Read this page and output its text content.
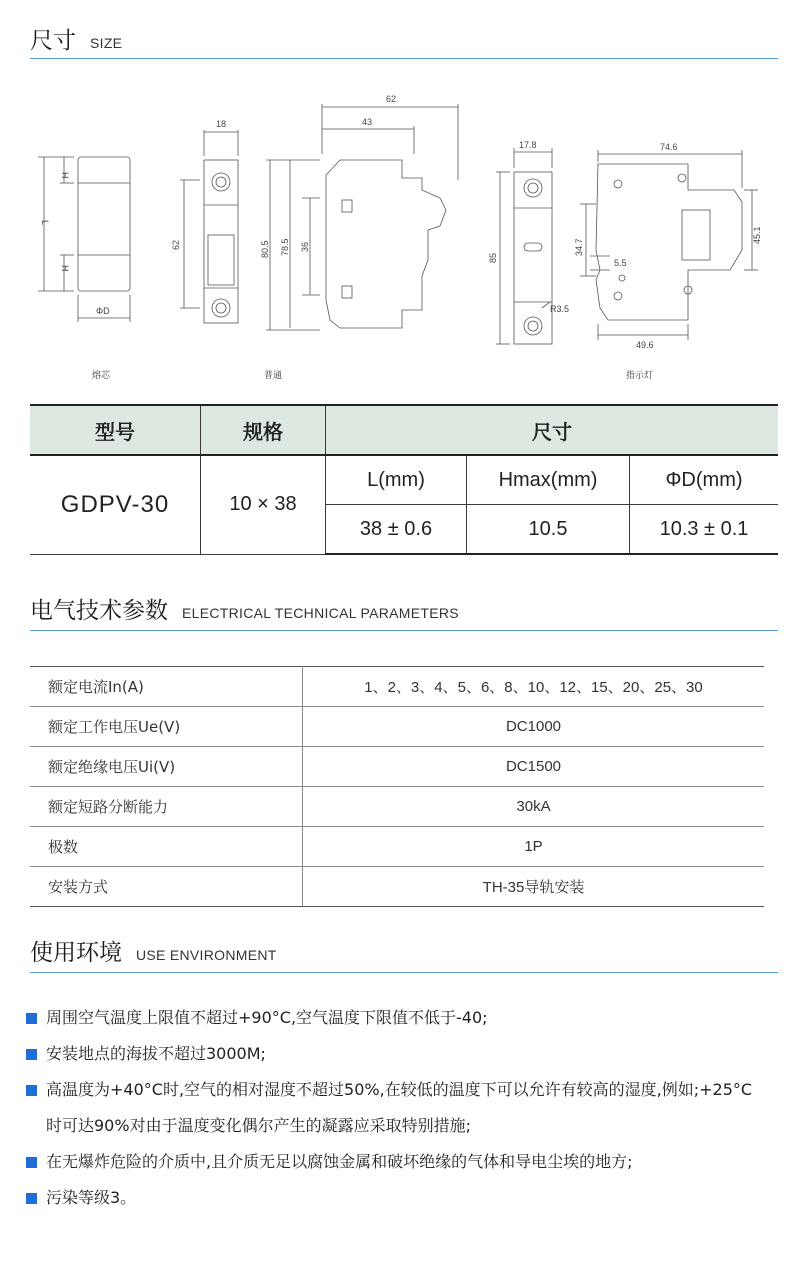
尺寸 SIZE
H
H
L
ΦD
18
62
62
43
80.5 78.5 36
17.8
85
R3.5
74.6
34.7
5.5
45.1
49.6
熔芯	普通	指示灯
型号	规格	尺寸		
GDPV-30	10 × 38	L(mm)	Hmax(mm)	ΦD(mm)
		38 ± 0.6	10.5	10.3 ± 0.1
电气技术参数 ELECTRICAL TECHNICAL PARAMETERS
额定电流In(A)	1、2、3、4、5、6、8、10、12、15、20、25、30
额定工作电压Ue(V)	DC1000
额定绝缘电压Ui(V)	DC1500
额定短路分断能力	30kA
极数	1P
安装方式	TH-35导轨安装
使用环境 USE ENVIRONMENT
周围空气温度上限值不超过+90°C,空气温度下限值不低于-40;
安装地点的海拔不超过3000M;
高温度为+40°C时,空气的相对湿度不超过50%,在较低的温度下可以允许有较高的湿度,例如;+25°C时可达90%对由于温度变化偶尔产生的凝露应采取特别措施;
在无爆炸危险的介质中,且介质无足以腐蚀金属和破坏绝缘的气体和导电尘埃的地方;
污染等级3。
